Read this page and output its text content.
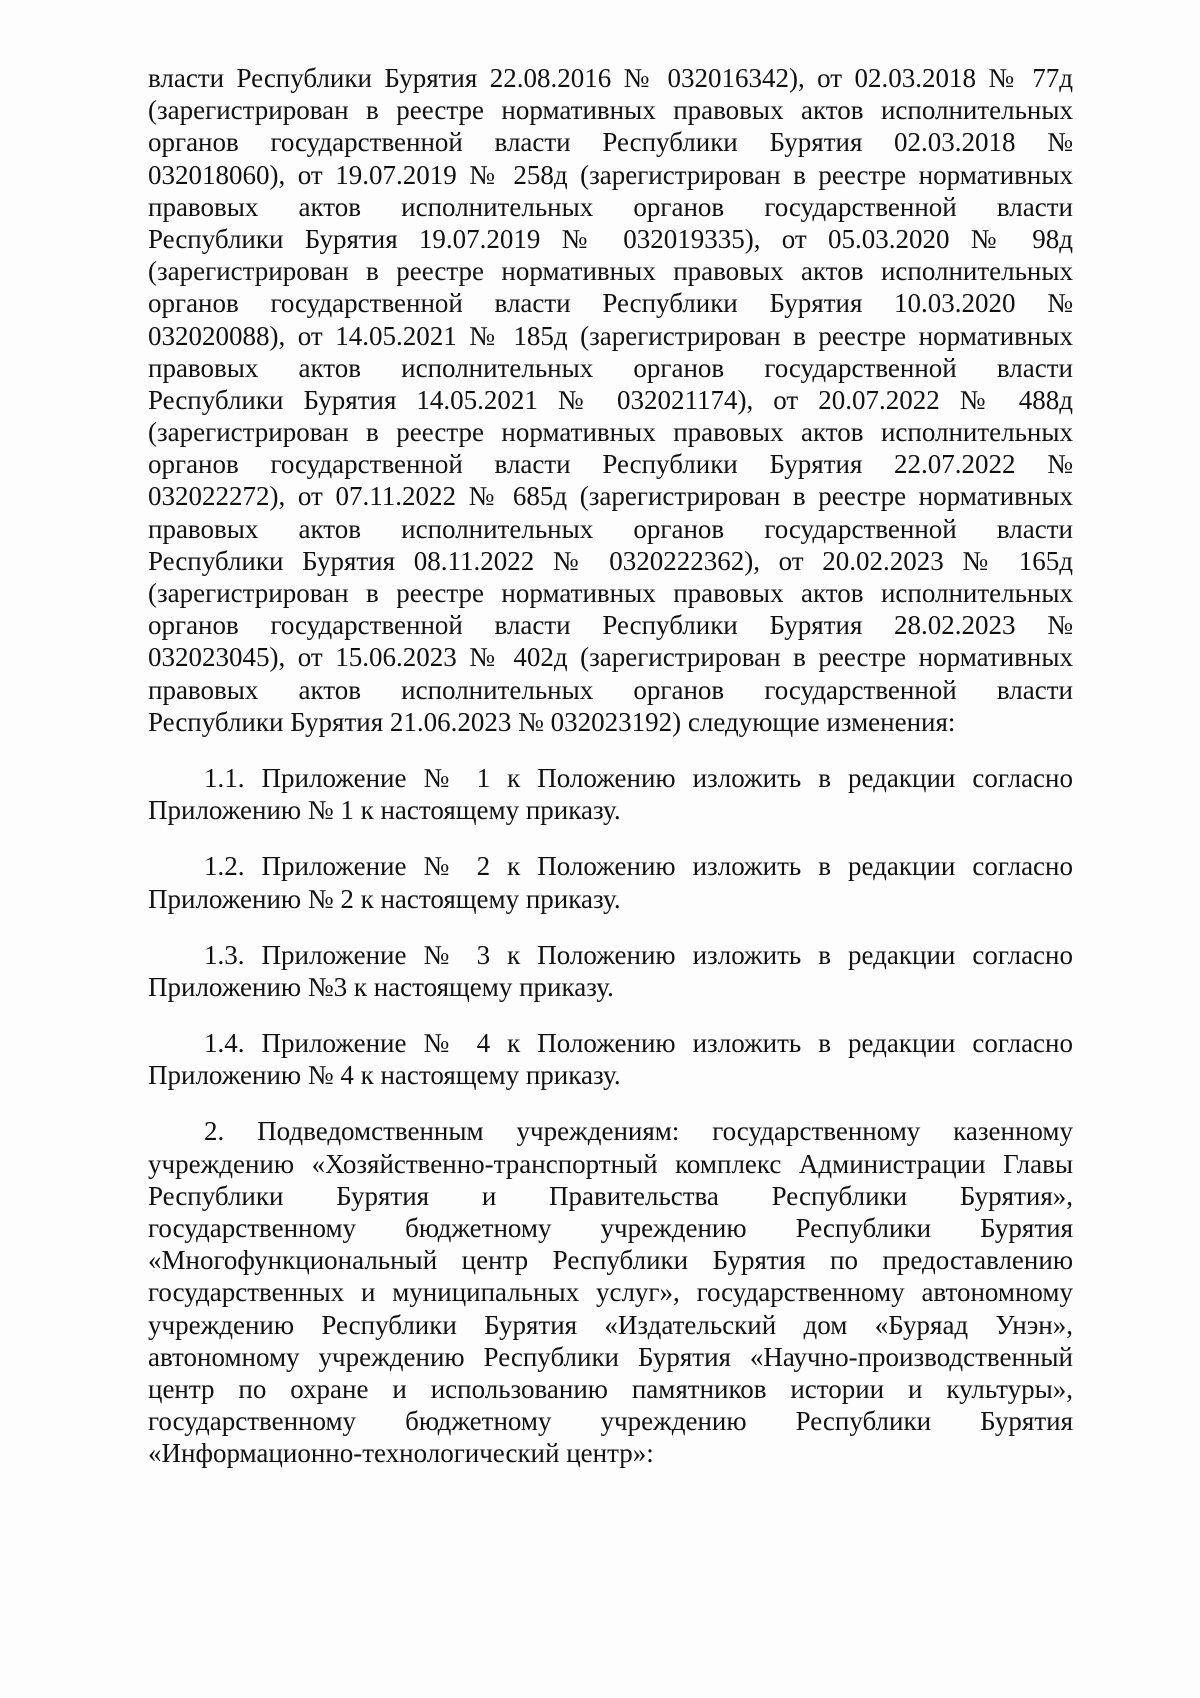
власти Республики Бурятия 22.08.2016 № 032016342), от 02.03.2018 № 77д
(зарегистрирован в реестре нормативных правовых актов исполнительных
органов государственной власти Республики Бурятия 02.03.2018 №
032018060), от 19.07.2019 № 258д (зарегистрирован в реестре нормативных
правовых актов исполнительных органов государственной власти
Республики Бурятия 19.07.2019 № 032019335), от 05.03.2020 № 98д
(зарегистрирован в реестре нормативных правовых актов исполнительных
органов государственной власти Республики Бурятия 10.03.2020 №
032020088), от 14.05.2021 № 185д (зарегистрирован в реестре нормативных
правовых актов исполнительных органов государственной власти
Республики Бурятия 14.05.2021 № 032021174), от 20.07.2022 № 488д
(зарегистрирован в реестре нормативных правовых актов исполнительных
органов государственной власти Республики Бурятия 22.07.2022 №
032022272), от 07.11.2022 № 685д (зарегистрирован в реестре нормативных
правовых актов исполнительных органов государственной власти
Республики Бурятия 08.11.2022 № 0320222362), от 20.02.2023 № 165д
(зарегистрирован в реестре нормативных правовых актов исполнительных
органов государственной власти Республики Бурятия 28.02.2023 №
032023045), от 15.06.2023 № 402д (зарегистрирован в реестре нормативных
правовых актов исполнительных органов государственной власти
Республики Бурятия 21.06.2023 № 032023192) следующие изменения:
1.1. Приложение № 1 к Положению изложить в редакции согласно
Приложению № 1 к настоящему приказу.
1.2. Приложение № 2 к Положению изложить в редакции согласно
Приложению № 2 к настоящему приказу.
1.3. Приложение № 3 к Положению изложить в редакции согласно
Приложению №3 к настоящему приказу.
1.4. Приложение № 4 к Положению изложить в редакции согласно
Приложению № 4 к настоящему приказу.
2. Подведомственным учреждениям: государственному казенному
учреждению «Хозяйственно-транспортный комплекс Администрации Главы
Республики Бурятия и Правительства Республики Бурятия»,
государственному бюджетному учреждению Республики Бурятия
«Многофункциональный центр Республики Бурятия по предоставлению
государственных и муниципальных услуг», государственному автономному
учреждению Республики Бурятия «Издательский дом «Буряад Унэн»,
автономному учреждению Республики Бурятия «Научно-производственный
центр по охране и использованию памятников истории и культуры»,
государственному бюджетному учреждению Республики Бурятия
«Информационно-технологический центр»:
